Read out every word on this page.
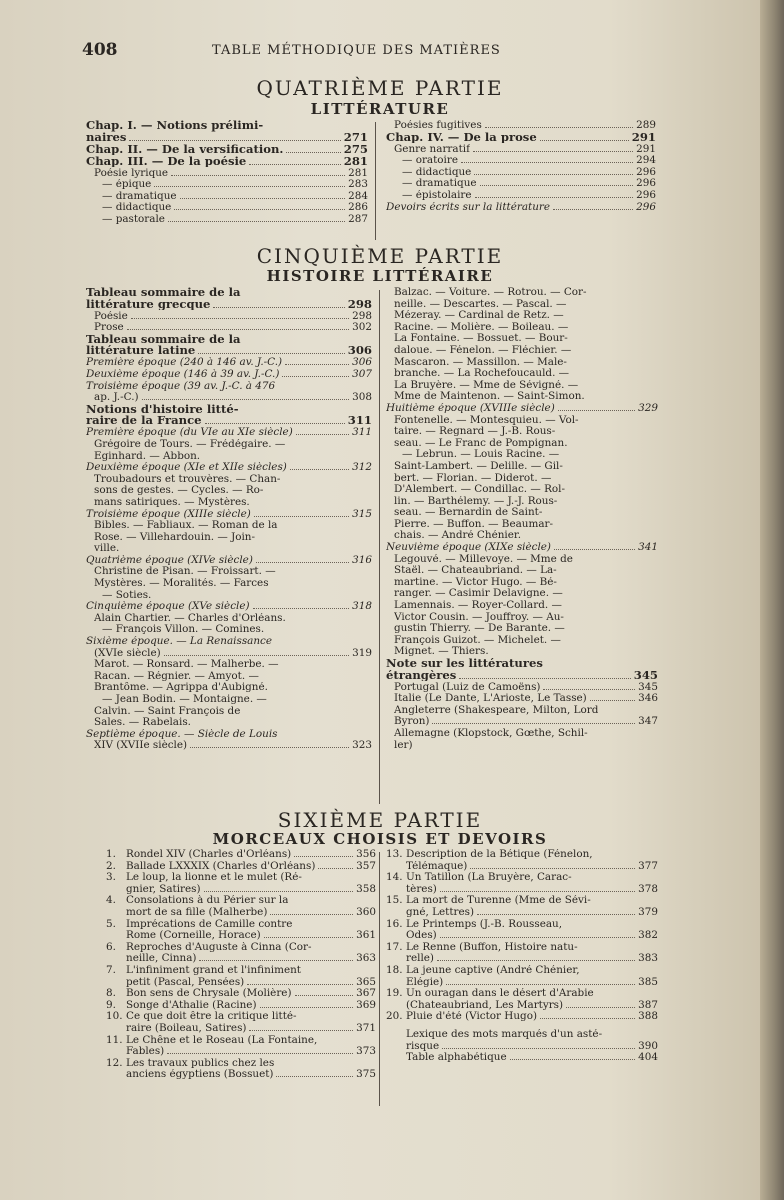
408	TABLE MÉTHODIQUE DES MATIÈRES
QUATRIÈME PARTIE
LITTÉRATURE
Chap. I. — Notions prélimi-
naires	271
Chap. II. — De la versification.	275
Chap. III. — De la poésie	281
Poésie lyrique	281
— épique	283
— dramatique	284
— didactique	286
— pastorale	287
Poésies fugitives	289
Chap. IV. — De la prose	291
Genre narratif	291
— oratoire	294
— didactique	296
— dramatique	296
— épistolaire	296
Devoirs écrits sur la littérature	296
CINQUIÈME PARTIE
HISTOIRE LITTÉRAIRE
Tableau sommaire de la
littérature grecque	298
Poésie	298
Prose	302
Tableau sommaire de la
littérature latine	306
Première époque (240 à 146 av. J.-C.)	306
Deuxième époque (146 à 39 av. J.-C.)	307
Troisième époque (39 av. J.-C. à 476
ap. J.-C.)	308
Notions d'histoire litté-
raire de la France	311
Première époque (du VIe au XIe siècle)	311
Grégoire de Tours. — Frédégaire. —
Eginhard. — Abbon.
Deuxième époque (XIe et XIIe siècles)	312
Troubadours et trouvères. — Chan-
sons de gestes. — Cycles. — Ro-
mans satiriques. — Mystères.
Troisième époque (XIIIe siècle)	315
Bibles. — Fabliaux. — Roman de la
Rose. — Villehardouin. — Join-
ville.
Quatrième époque (XIVe siècle)	316
Christine de Pisan. — Froissart. —
Mystères. — Moralités. — Farces
— Soties.
Cinquième époque (XVe siècle)	318
Alain Chartier. — Charles d'Orléans.
— François Villon. — Comines.
Sixième époque. — La Renaissance
(XVIe siècle)	319
Marot. — Ronsard. — Malherbe. —
Racan. — Régnier. — Amyot. —
Brantôme. — Agrippa d'Aubigné.
— Jean Bodin. — Montaigne. —
Calvin. — Saint François de
Sales. — Rabelais.
Septième époque. — Siècle de Louis
XIV (XVIIe siècle)	323
Balzac. — Voiture. — Rotrou. — Cor-
neille. — Descartes. — Pascal. —
Mézeray. — Cardinal de Retz. —
Racine. — Molière. — Boileau. —
La Fontaine. — Bossuet. — Bour-
daloue. — Fénelon. — Fléchier. —
Mascaron. — Massillon. — Male-
branche. — La Rochefoucauld. —
La Bruyère. — Mme de Sévigné. —
Mme de Maintenon. — Saint-Simon.
Huitième époque (XVIIIe siècle)	329
Fontenelle. — Montesquieu. — Vol-
taire. — Regnard — J.-B. Rous-
seau. — Le Franc de Pompignan.
— Lebrun. — Louis Racine. —
Saint-Lambert. — Delille. — Gil-
bert. — Florian. — Diderot. —
D'Alembert. — Condillac. — Rol-
lin. — Barthélemy. — J.-J. Rous-
seau. — Bernardin de Saint-
Pierre. — Buffon. — Beaumar-
chais. — André Chénier.
Neuvième époque (XIXe siècle)	341
Legouvé. — Millevoye. — Mme de
Staël. — Chateaubriand. — La-
martine. — Victor Hugo. — Bé-
ranger. — Casimir Delavigne. —
Lamennais. — Royer-Collard. —
Victor Cousin. — Jouffroy. — Au-
gustin Thierry. — De Barante. —
François Guizot. — Michelet. —
Mignet. — Thiers.
Note sur les littératures
étrangères	345
Portugal (Luiz de Camoëns)	345
Italie (Le Dante, L'Arioste, Le Tasse)	346
Angleterre (Shakespeare, Milton, Lord
Byron)	347
Allemagne (Klopstock, Gœthe, Schil-
ler)
SIXIÈME PARTIE
MORCEAUX CHOISIS ET DEVOIRS
1. Rondel XIV (Charles d'Orléans)	356
2. Ballade LXXXIX (Charles d'Orléans)	357
3. Le loup, la lionne et le mulet (Ré-
gnier, Satires)	358
4. Consolations à du Périer sur la
mort de sa fille (Malherbe)	360
5. Imprécations de Camille contre
Rome (Corneille, Horace)	361
6. Reproches d'Auguste à Cinna (Cor-
neille, Cinna)	363
7. L'infiniment grand et l'infiniment
petit (Pascal, Pensées)	365
8. Bon sens de Chrysale (Molière)	367
9. Songe d'Athalie (Racine)	369
10. Ce que doit être la critique litté-
raire (Boileau, Satires)	371
11. Le Chêne et le Roseau (La Fontaine,
Fables)	373
12. Les travaux publics chez les
anciens égyptiens (Bossuet)	375
13. Description de la Bétique (Fénelon,
Télémaque)	377
14. Un Tatillon (La Bruyère, Carac-
tères)	378
15. La mort de Turenne (Mme de Sévi-
gné, Lettres)	379
16. Le Printemps (J.-B. Rousseau,
Odes)	382
17. Le Renne (Buffon, Histoire natu-
relle)	383
18. La jeune captive (André Chénier,
Élégie)	385
19. Un ouragan dans le désert d'Arabie
(Chateaubriand, Les Martyrs)	387
20. Pluie d'été (Victor Hugo)	388
Lexique des mots marqués d'un asté-
risque	390
Table alphabétique	404
